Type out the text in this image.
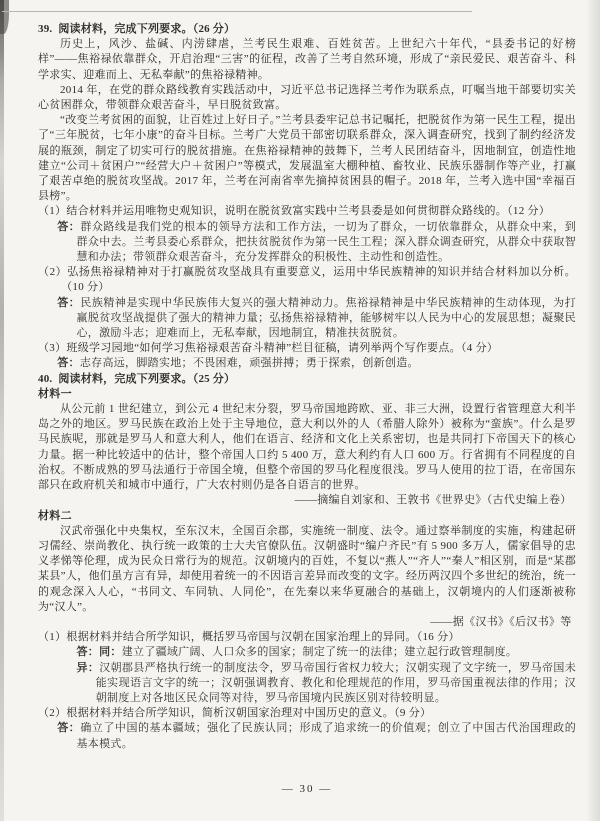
39. 阅读材料，完成下列要求。（26 分）

历史上，风沙、盐碱、内涝肆虐，兰考民生艰难、百姓贫苦。上世纪六十年代，“县委书记的好榜样”——焦裕禄依靠群众，开启治理“三害”的征程，改善了兰考自然环境，形成了“亲民爱民、艰苦奋斗、科学求实、迎难而上、无私奉献”的焦裕禄精神。

2014 年，在党的群众路线教育实践活动中，习近平总书记选择兰考作为联系点，叮嘱当地干部要切实关心贫困群众，带领群众艰苦奋斗，早日脱贫致富。

“改变兰考贫困的面貌，让百姓过上好日子。”兰考县委牢记总书记嘱托，把脱贫作为第一民生工程，提出了“三年脱贫，七年小康”的奋斗目标。兰考广大党员干部密切联系群众，深入调查研究，找到了制约经济发展的瓶颈，制定了切实可行的脱贫措施。在焦裕禄精神的鼓舞下，兰考人民团结奋斗，因地制宜，创造性地建立“公司＋贫困户”“经营大户＋贫困户”等模式，发展温室大棚种植、畜牧业、民族乐器制作等产业，打赢了艰苦卓绝的脱贫攻坚战。2017 年，兰考在河南省率先摘掉贫困县的帽子。2018 年，兰考入选中国“幸福百县榜”。

（1）结合材料并运用唯物史观知识，说明在脱贫致富实践中兰考县委是如何贯彻群众路线的。（12 分）
答：群众路线是我们党的根本的领导方法和工作方法，一切为了群众，一切依靠群众，从群众中来，到群众中去。兰考县委心系群众，把扶贫脱贫作为第一民生工程；深入群众调查研究，从群众中获取智慧和办法；带领群众艰苦奋斗，充分发挥群众的积极性、主动性和创造性。
（2）弘扬焦裕禄精神对于打赢脱贫攻坚战具有重要意义，运用中华民族精神的知识并结合材料加以分析。（10 分）
答：民族精神是实现中华民族伟大复兴的强大精神动力。焦裕禄精神是中华民族精神的生动体现，为打赢脱贫攻坚战提供了强大的精神力量；弘扬焦裕禄精神，能够树牢以人民为中心的发展思想；凝聚民心，激励斗志；迎难而上，无私奉献，因地制宜，精准扶贫脱贫。
（3）班级学习园地“如何学习焦裕禄艰苦奋斗精神”栏目征稿，请列举两个写作要点。（4 分）
答：志存高远，脚踏实地；不畏困难，顽强拼搏；勇于探索，创新创造。
40. 阅读材料，完成下列要求。（25 分）
材料一

从公元前 1 世纪建立，到公元 4 世纪末分裂，罗马帝国地跨欧、亚、非三大洲，设置行省管理意大利半岛之外的地区。罗马民族在政治上处于主导地位，意大利以外的人（希腊人除外）被称为“蛮族”。什么是罗马民族呢，那就是罗马人和意大利人，他们在语言、经济和文化上关系密切，也是共同打下帝国天下的核心力量。据一种比较适中的估计，整个帝国人口约 5 400 万，意大利约有人口 600 万。行省拥有不同程度的自治权。不断成熟的罗马法通行于帝国全境，但整个帝国的罗马化程度很浅。罗马人使用的拉丁语，在帝国东部只在政府机关和城市中通行，广大农村则仍是各自语言的世界。

——摘编自刘家和、王敦书《世界史》（古代史编上卷）
材料二

汉武帝强化中央集权，至东汉末，全国百余郡，实施统一制度、法令。通过察举制度的实施，构建起研习儒经、崇尚教化、执行统一政策的士大夫官僚队伍。汉朝盛时“编户齐民”有 5 900 多万人，儒家倡导的忠义孝悌等伦理，成为民众日常行为的规范。汉朝境内的百姓，不复以“燕人”“齐人”“秦人”相区别，而是“某郡某县”人，他们虽方言有异，却使用着统一的不因语言差异而改变的文字。经历两汉四个多世纪的统治，统一的观念深入人心，“书同文、车同轨、人同伦”，在先秦以来华夏融合的基础上，汉朝境内的人们逐渐被称为“汉人”。

——据《汉书》《后汉书》等
（1）根据材料并结合所学知识，概括罗马帝国与汉朝在国家治理上的异同。（16 分）
答：同：建立了疆域广阔、人口众多的国家；制定了统一的法律；建立起行政管理制度。
异：汉朝郡县严格执行统一的制度法令，罗马帝国行省权力较大；汉朝实现了文字统一，罗马帝国未能实现语言文字的统一；汉朝强调教育、教化和伦理规范的作用，罗马帝国重视法律的作用；汉朝制度上对各地区民众同等对待，罗马帝国境内民族区别对待较明显。
（2）根据材料并结合所学知识，简析汉朝国家治理对中国历史的意义。（9 分）
答：确立了中国的基本疆域；强化了民族认同；形成了追求统一的价值观；创立了中国古代治国理政的基本模式。
— 30 —
